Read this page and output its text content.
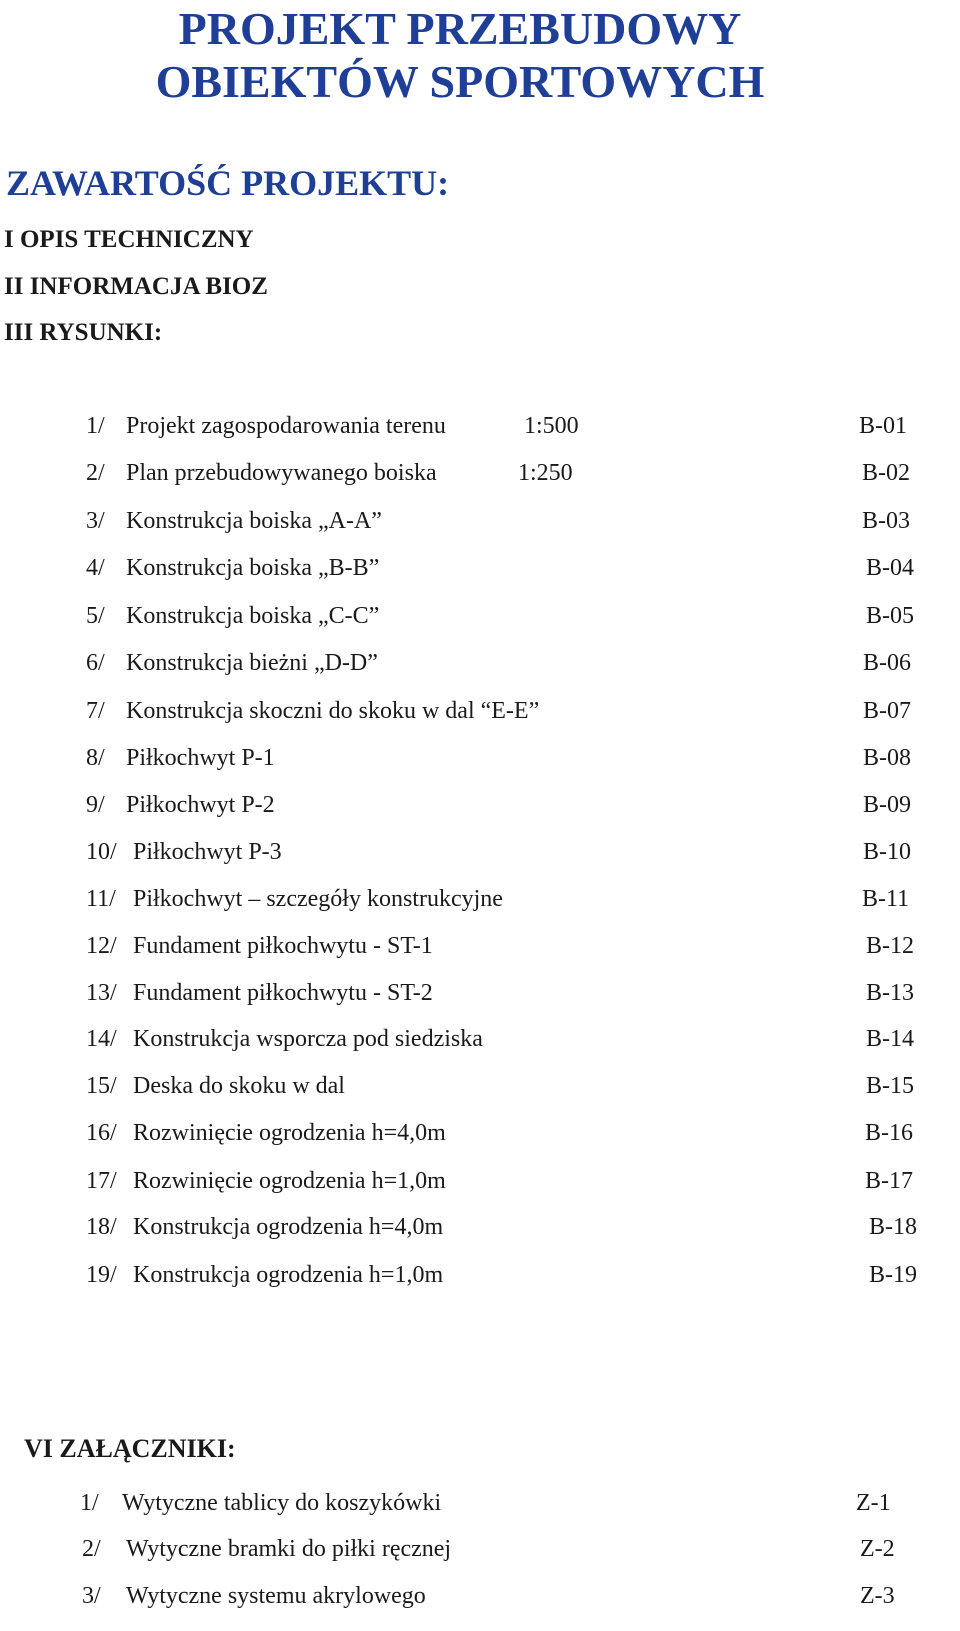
PROJEKT PRZEBUDOWY
OBIEKTÓW SPORTOWYCH
ZAWARTOŚĆ PROJEKTU:
I OPIS TECHNICZNY
II INFORMACJA BIOZ
III RYSUNKI:
1/ Projekt zagospodarowania terenu	1:500	B-01
2/ Plan przebudowywanego boiska	1:250	B-02
3/ Konstrukcja boiska „A-A”	B-03
4/ Konstrukcja boiska „B-B”	B-04
5/ Konstrukcja boiska „C-C”	B-05
6/ Konstrukcja bieżni „D-D”	B-06
7/ Konstrukcja skoczni do skoku w dal “E-E”	B-07
8/ Piłkochwyt P-1	B-08
9/ Piłkochwyt P-2	B-09
10/ Piłkochwyt P-3	B-10
11/ Piłkochwyt – szczegóły konstrukcyjne	B-11
12/ Fundament piłkochwytu - ST-1	B-12
13/ Fundament piłkochwytu - ST-2	B-13
14/ Konstrukcja wsporcza pod siedziska	B-14
15/ Deska do skoku w dal	B-15
16/ Rozwinięcie ogrodzenia h=4,0m	B-16
17/ Rozwinięcie ogrodzenia h=1,0m	B-17
18/ Konstrukcja ogrodzenia h=4,0m	B-18
19/ Konstrukcja ogrodzenia h=1,0m	B-19
VI ZAŁĄCZNIKI:
1/ Wytyczne tablicy do koszykówki	Z-1
2/ Wytyczne bramki do piłki ręcznej	Z-2
3/ Wytyczne systemu akrylowego	Z-3
